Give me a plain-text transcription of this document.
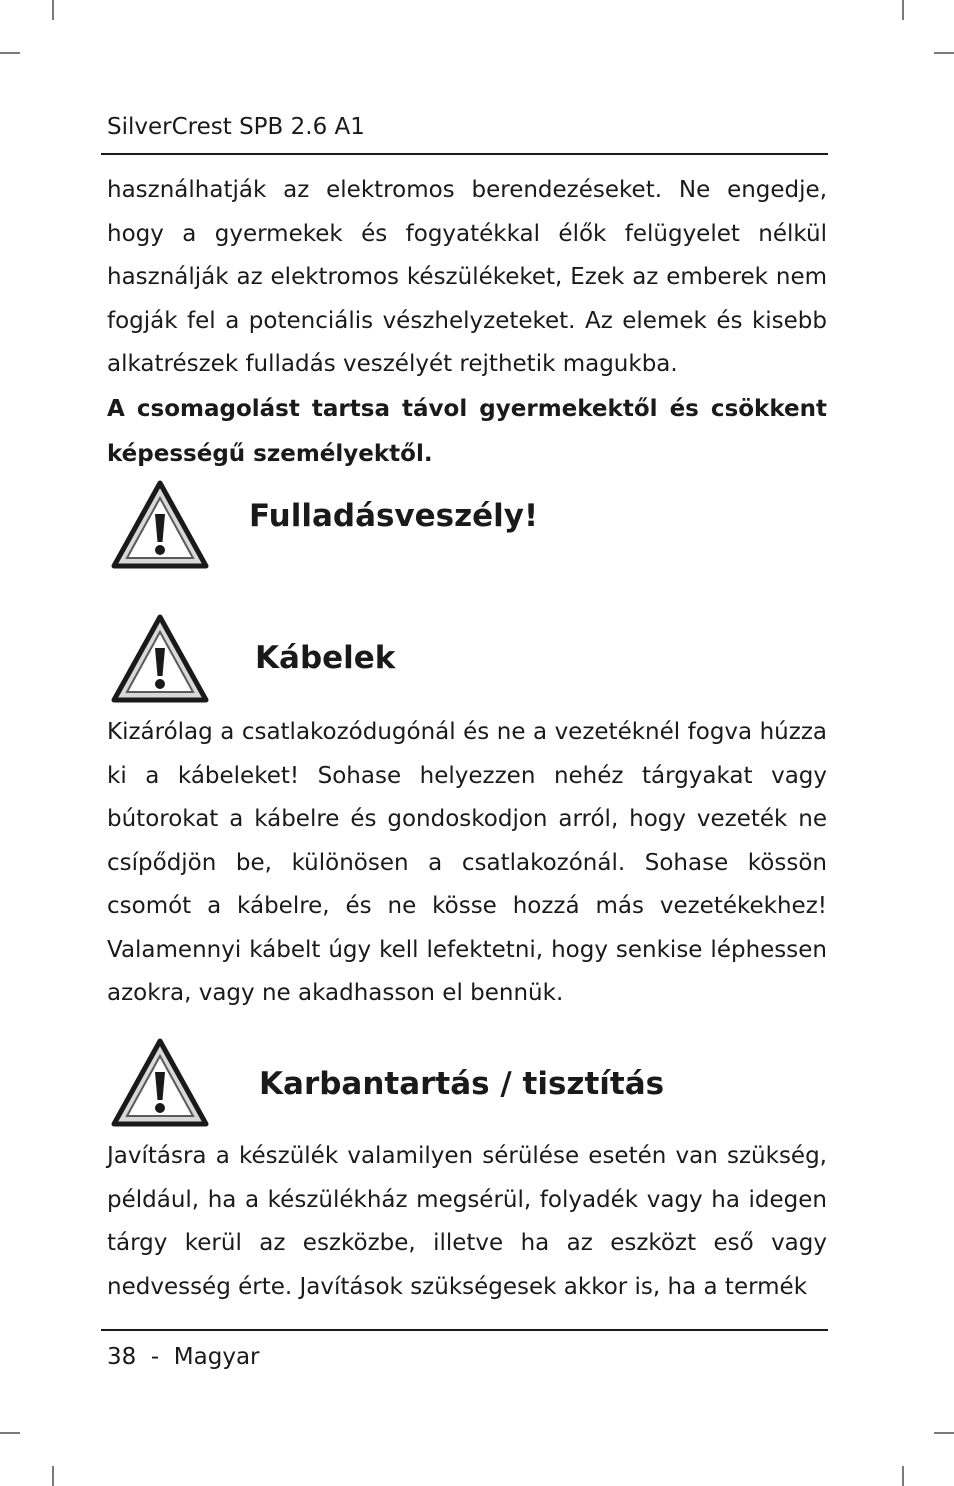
SilverCrest SPB 2.6 A1

használhatják az elektromos berendezéseket. Ne engedje, hogy a gyermekek és fogyatékkal élők felügyelet nélkül használják az elektromos készülékeket, Ezek az emberek nem fogják fel a potenciális vészhelyzeteket. Az elemek és kisebb alkatrészek fulladás veszélyét rejthetik magukba.

A csomagolást tartsa távol gyermekektől és csökkent képességű személyektől.

Fulladásveszély!
Kábelek

Kizárólag a csatlakozódugónál és ne a vezetéknél fogva húzza ki a kábeleket! Sohase helyezzen nehéz tárgyakat vagy bútorokat a kábelre és gondoskodjon arról, hogy vezeték ne csípődjön be, különösen a csatlakozónál. Sohase kössön csomót a kábelre, és ne kösse hozzá más vezetékekhez! Valamennyi kábelt úgy kell lefektetni, hogy senkise léphessen azokra, vagy ne akadhasson el bennük.

Karbantartás / tisztítás

Javításra a készülék valamilyen sérülése esetén van szükség, például, ha a készülékház megsérül, folyadék vagy ha idegen tárgy kerül az eszközbe, illetve ha az eszközt eső vagy nedvesség érte. Javítások szükségesek akkor is, ha a termék

38  -  Magyar
